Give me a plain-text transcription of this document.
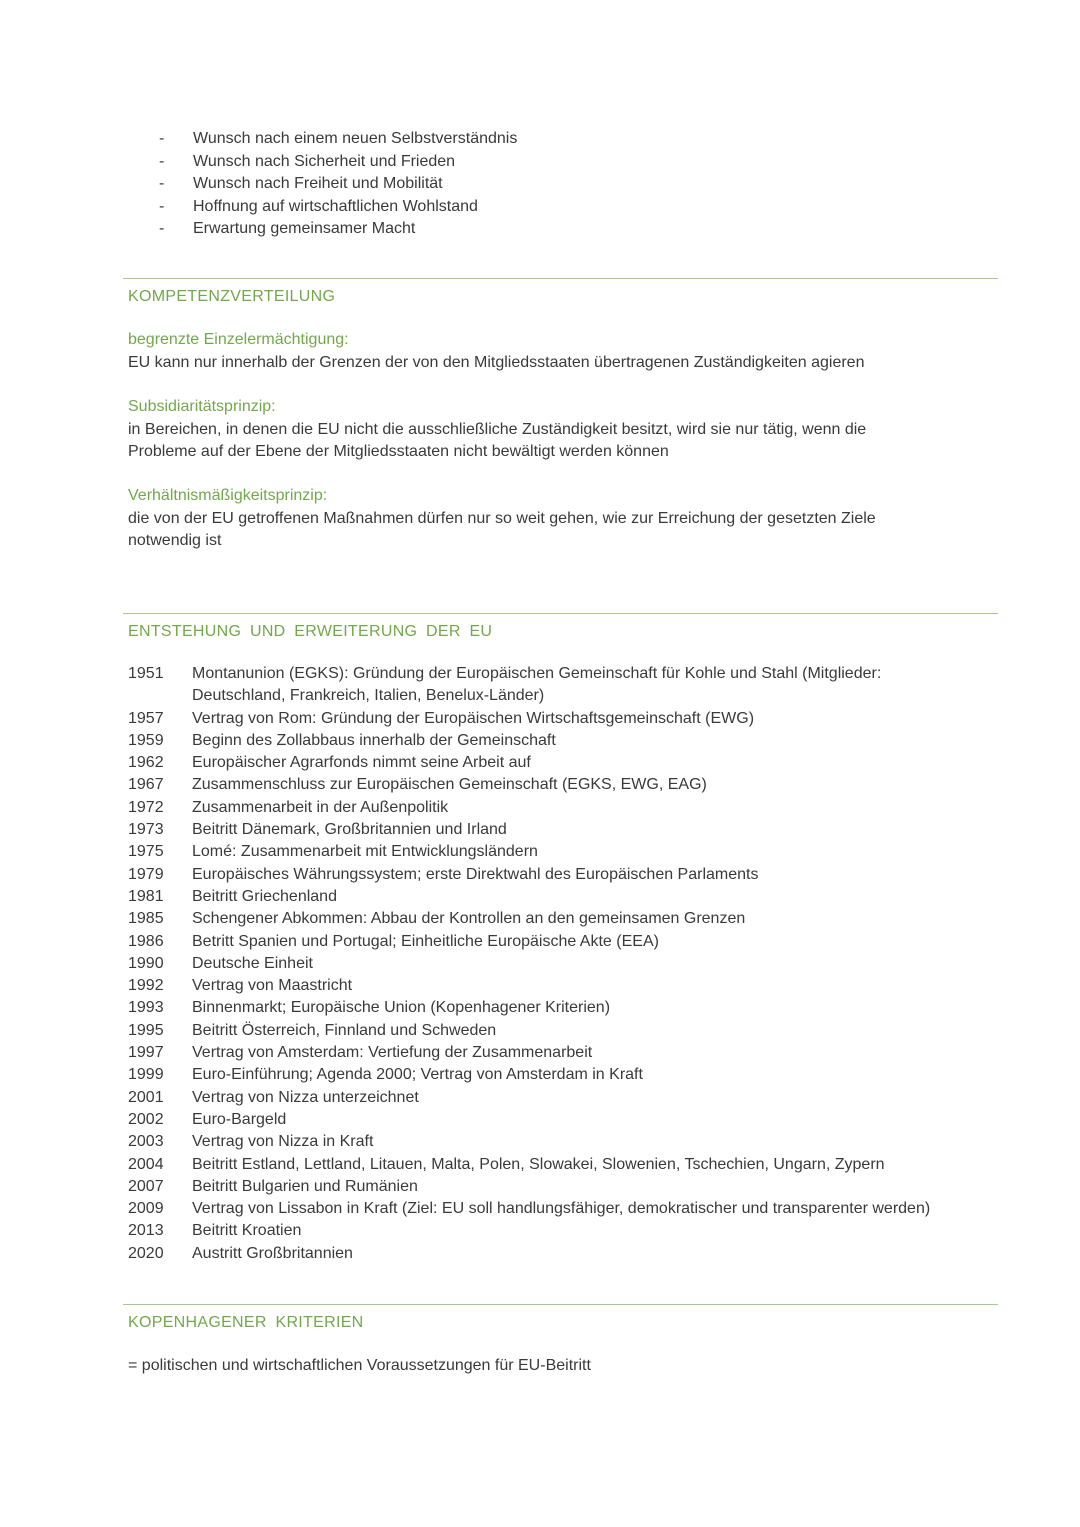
-	Wunsch nach einem neuen Selbstverständnis
-	Wunsch nach Sicherheit und Frieden
-	Wunsch nach Freiheit und Mobilität
-	Hoffnung auf wirtschaftlichen Wohlstand
-	Erwartung gemeinsamer Macht
KOMPETENZVERTEILUNG
begrenzte Einzelermächtigung:
EU kann nur innerhalb der Grenzen der von den Mitgliedsstaaten übertragenen Zuständigkeiten agieren
Subsidiaritätsprinzip:
in Bereichen, in denen die EU nicht die ausschließliche Zuständigkeit besitzt, wird sie nur tätig, wenn die Probleme auf der Ebene der Mitgliedsstaaten nicht bewältigt werden können
Verhältnismäßigkeitsprinzip:
die von der EU getroffenen Maßnahmen dürfen nur so weit gehen, wie zur Erreichung der gesetzten Ziele notwendig ist
ENTSTEHUNG UND ERWEITERUNG DER EU
1951	Montanunion (EGKS): Gründung der Europäischen Gemeinschaft für Kohle und Stahl (Mitglieder: Deutschland, Frankreich, Italien, Benelux-Länder)
1957	Vertrag von Rom: Gründung der Europäischen Wirtschaftsgemeinschaft (EWG)
1959	Beginn des Zollabbaus innerhalb der Gemeinschaft
1962	Europäischer Agrarfonds nimmt seine Arbeit auf
1967	Zusammenschluss zur Europäischen Gemeinschaft (EGKS, EWG, EAG)
1972	Zusammenarbeit in der Außenpolitik
1973	Beitritt Dänemark, Großbritannien und Irland
1975	Lomé: Zusammenarbeit mit Entwicklungsländern
1979	Europäisches Währungssystem; erste Direktwahl des Europäischen Parlaments
1981	Beitritt Griechenland
1985	Schengener Abkommen: Abbau der Kontrollen an den gemeinsamen Grenzen
1986	Betritt Spanien und Portugal; Einheitliche Europäische Akte (EEA)
1990	Deutsche Einheit
1992	Vertrag von Maastricht
1993	Binnenmarkt; Europäische Union (Kopenhagener Kriterien)
1995	Beitritt Österreich, Finnland und Schweden
1997	Vertrag von Amsterdam: Vertiefung der Zusammenarbeit
1999	Euro-Einführung; Agenda 2000; Vertrag von Amsterdam in Kraft
2001	Vertrag von Nizza unterzeichnet
2002	Euro-Bargeld
2003	Vertrag von Nizza in Kraft
2004	Beitritt Estland, Lettland, Litauen, Malta, Polen, Slowakei, Slowenien, Tschechien, Ungarn, Zypern
2007	Beitritt Bulgarien und Rumänien
2009	Vertrag von Lissabon in Kraft (Ziel: EU soll handlungsfähiger, demokratischer und transparenter werden)
2013	Beitritt Kroatien
2020	Austritt Großbritannien
KOPENHAGENER KRITERIEN
= politischen und wirtschaftlichen Voraussetzungen für EU-Beitritt
